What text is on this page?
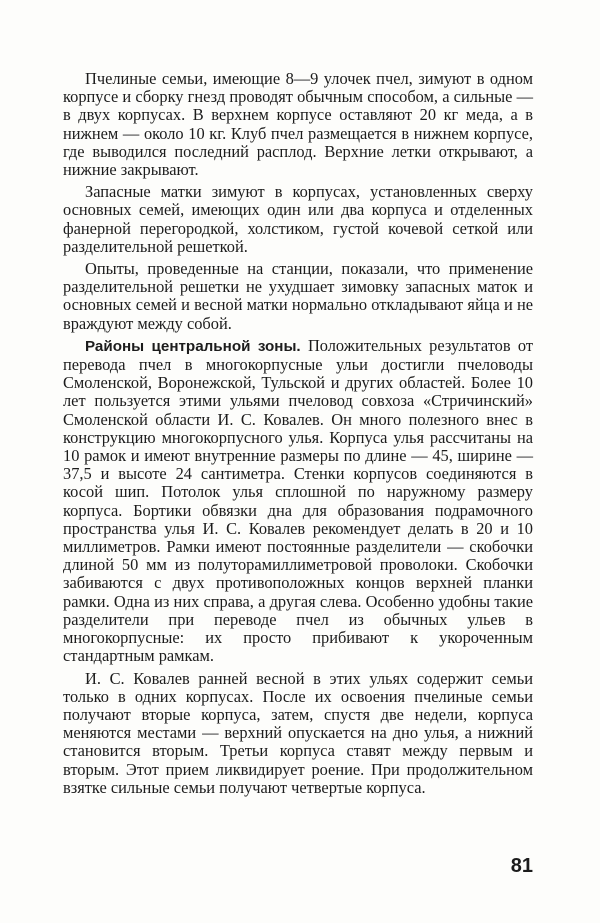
Пчелиные семьи, имеющие 8—9 улочек пчел, зимуют в одном корпусе и сборку гнезд проводят обычным способом, а сильные — в двух корпусах. В верхнем корпусе оставляют 20 кг меда, а в нижнем — около 10 кг. Клуб пчел размещается в нижнем корпусе, где выводился последний расплод. Верхние летки открывают, а нижние закрывают.

Запасные матки зимуют в корпусах, установленных сверху основных семей, имеющих один или два корпуса и отделенных фанерной перегородкой, холстиком, густой кочевой сеткой или разделительной решеткой.

Опыты, проведенные на станции, показали, что применение разделительной решетки не ухудшает зимовку запасных маток и основных семей и весной матки нормально откладывают яйца и не враждуют между собой.

Районы центральной зоны. Положительных результатов от перевода пчел в многокорпусные ульи достигли пчеловоды Смоленской, Воронежской, Тульской и других областей. Более 10 лет пользуется этими ульями пчеловод совхоза «Стричинский» Смоленской области И. С. Ковалев. Он много полезного внес в конструкцию многокорпусного улья. Корпуса улья рассчитаны на 10 рамок и имеют внутренние размеры по длине — 45, ширине — 37,5 и высоте 24 сантиметра. Стенки корпусов соединяются в косой шип. Потолок улья сплошной по наружному размеру корпуса. Бортики обвязки дна для образования подрамочного пространства улья И. С. Ковалев рекомендует делать в 20 и 10 миллиметров. Рамки имеют постоянные разделители — скобочки длиной 50 мм из полуторамиллиметровой проволоки. Скобочки забиваются с двух противоположных концов верхней планки рамки. Одна из них справа, а другая слева. Особенно удобны такие разделители при переводе пчел из обычных ульев в многокорпусные: их просто прибивают к укороченным стандартным рамкам.

И. С. Ковалев ранней весной в этих ульях содержит семьи только в одних корпусах. После их освоения пчелиные семьи получают вторые корпуса, затем, спустя две недели, корпуса меняются местами — верхний опускается на дно улья, а нижний становится вторым. Третьи корпуса ставят между первым и вторым. Этот прием ликвидирует роение. При продолжительном взятке сильные семьи получают четвертые корпуса.

81
